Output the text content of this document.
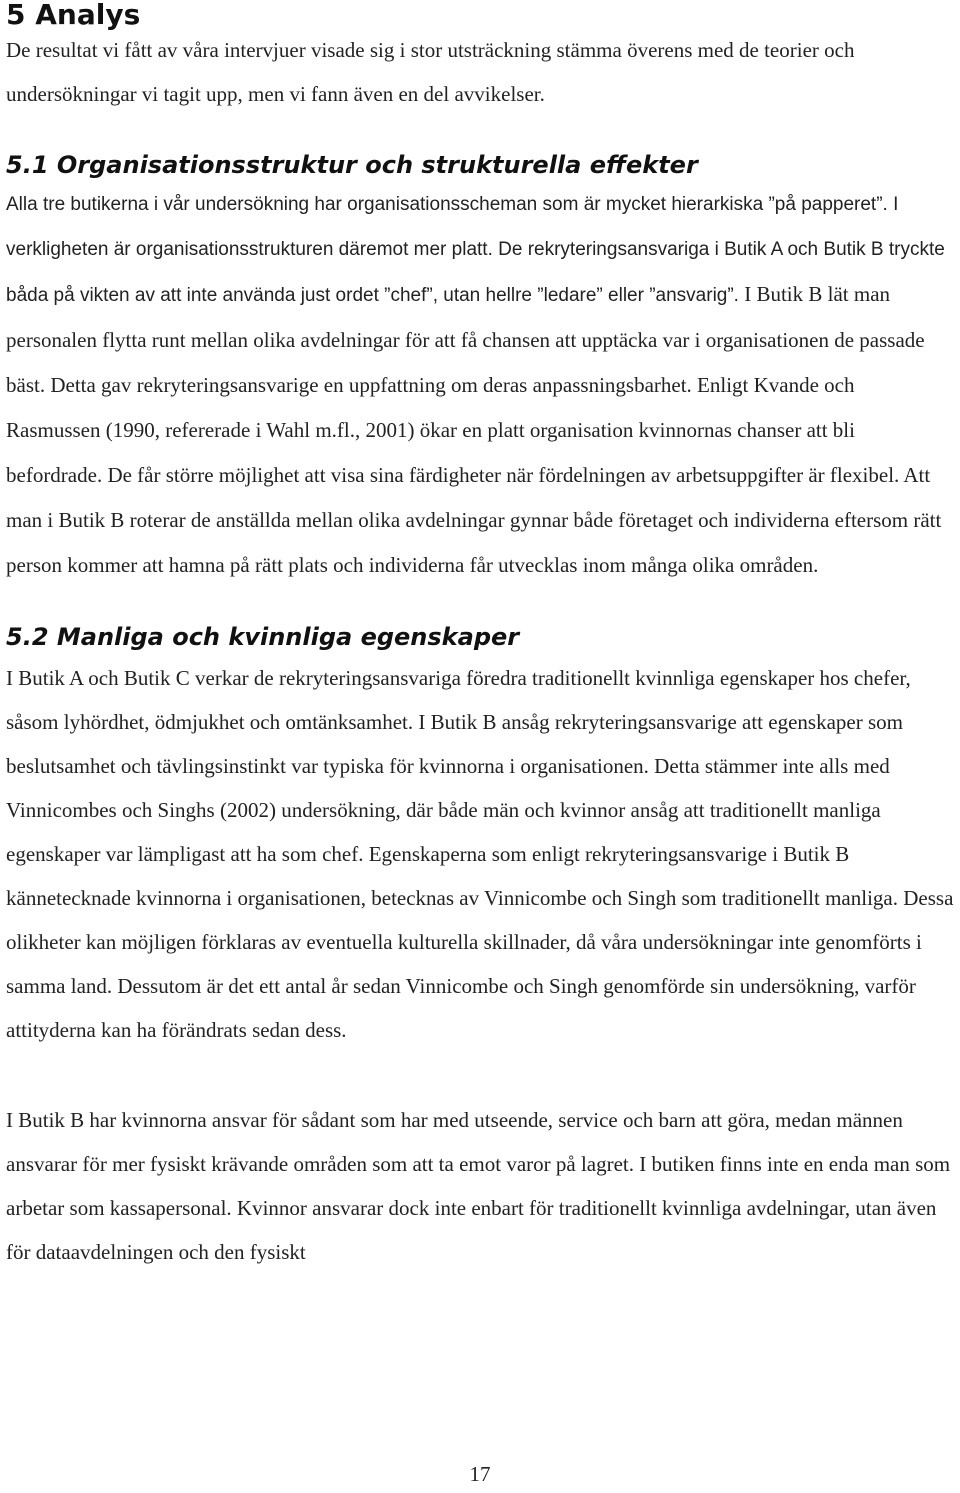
5 Analys

De resultat vi fått av våra intervjuer visade sig i stor utsträckning stämma överens med de teorier och undersökningar vi tagit upp, men vi fann även en del avvikelser.

5.1 Organisationsstruktur och strukturella effekter

Alla tre butikerna i vår undersökning har organisationsscheman som är mycket hierarkiska ”på papperet”. I verkligheten är organisationsstrukturen däremot mer platt. De rekryteringsansvariga i Butik A och Butik B tryckte båda på vikten av att inte använda just ordet ”chef”, utan hellre ”ledare” eller ”ansvarig”. I Butik B lät man personalen flytta runt mellan olika avdelningar för att få chansen att upptäcka var i organisationen de passade bäst. Detta gav rekryteringsansvarige en uppfattning om deras anpassningsbarhet. Enligt Kvande och Rasmussen (1990, refererade i Wahl m.fl., 2001) ökar en platt organisation kvinnornas chanser att bli befordrade. De får större möjlighet att visa sina färdigheter när fördelningen av arbetsuppgifter är flexibel. Att man i Butik B roterar de anställda mellan olika avdelningar gynnar både företaget och individerna eftersom rätt person kommer att hamna på rätt plats och individerna får utvecklas inom många olika områden.

5.2 Manliga och kvinnliga egenskaper

I Butik A och Butik C verkar de rekryteringsansvariga föredra traditionellt kvinnliga egenskaper hos chefer, såsom lyhördhet, ödmjukhet och omtänksamhet. I Butik B ansåg rekryteringsansvarige att egenskaper som beslutsamhet och tävlingsinstinkt var typiska för kvinnorna i organisationen. Detta stämmer inte alls med Vinnicombes och Singhs (2002) undersökning, där både män och kvinnor ansåg att traditionellt manliga egenskaper var lämpligast att ha som chef. Egenskaperna som enligt rekryteringsansvarige i Butik B kännetecknade kvinnorna i organisationen, betecknas av Vinnicombe och Singh som traditionellt manliga. Dessa olikheter kan möjligen förklaras av eventuella kulturella skillnader, då våra undersökningar inte genomförts i samma land. Dessutom är det ett antal år sedan Vinnicombe och Singh genomförde sin undersökning, varför attityderna kan ha förändrats sedan dess.

I Butik B har kvinnorna ansvar för sådant som har med utseende, service och barn att göra, medan männen ansvarar för mer fysiskt krävande områden som att ta emot varor på lagret. I butiken finns inte en enda man som arbetar som kassapersonal. Kvinnor ansvarar dock inte enbart för traditionellt kvinnliga avdelningar, utan även för dataavdelningen och den fysiskt

17
